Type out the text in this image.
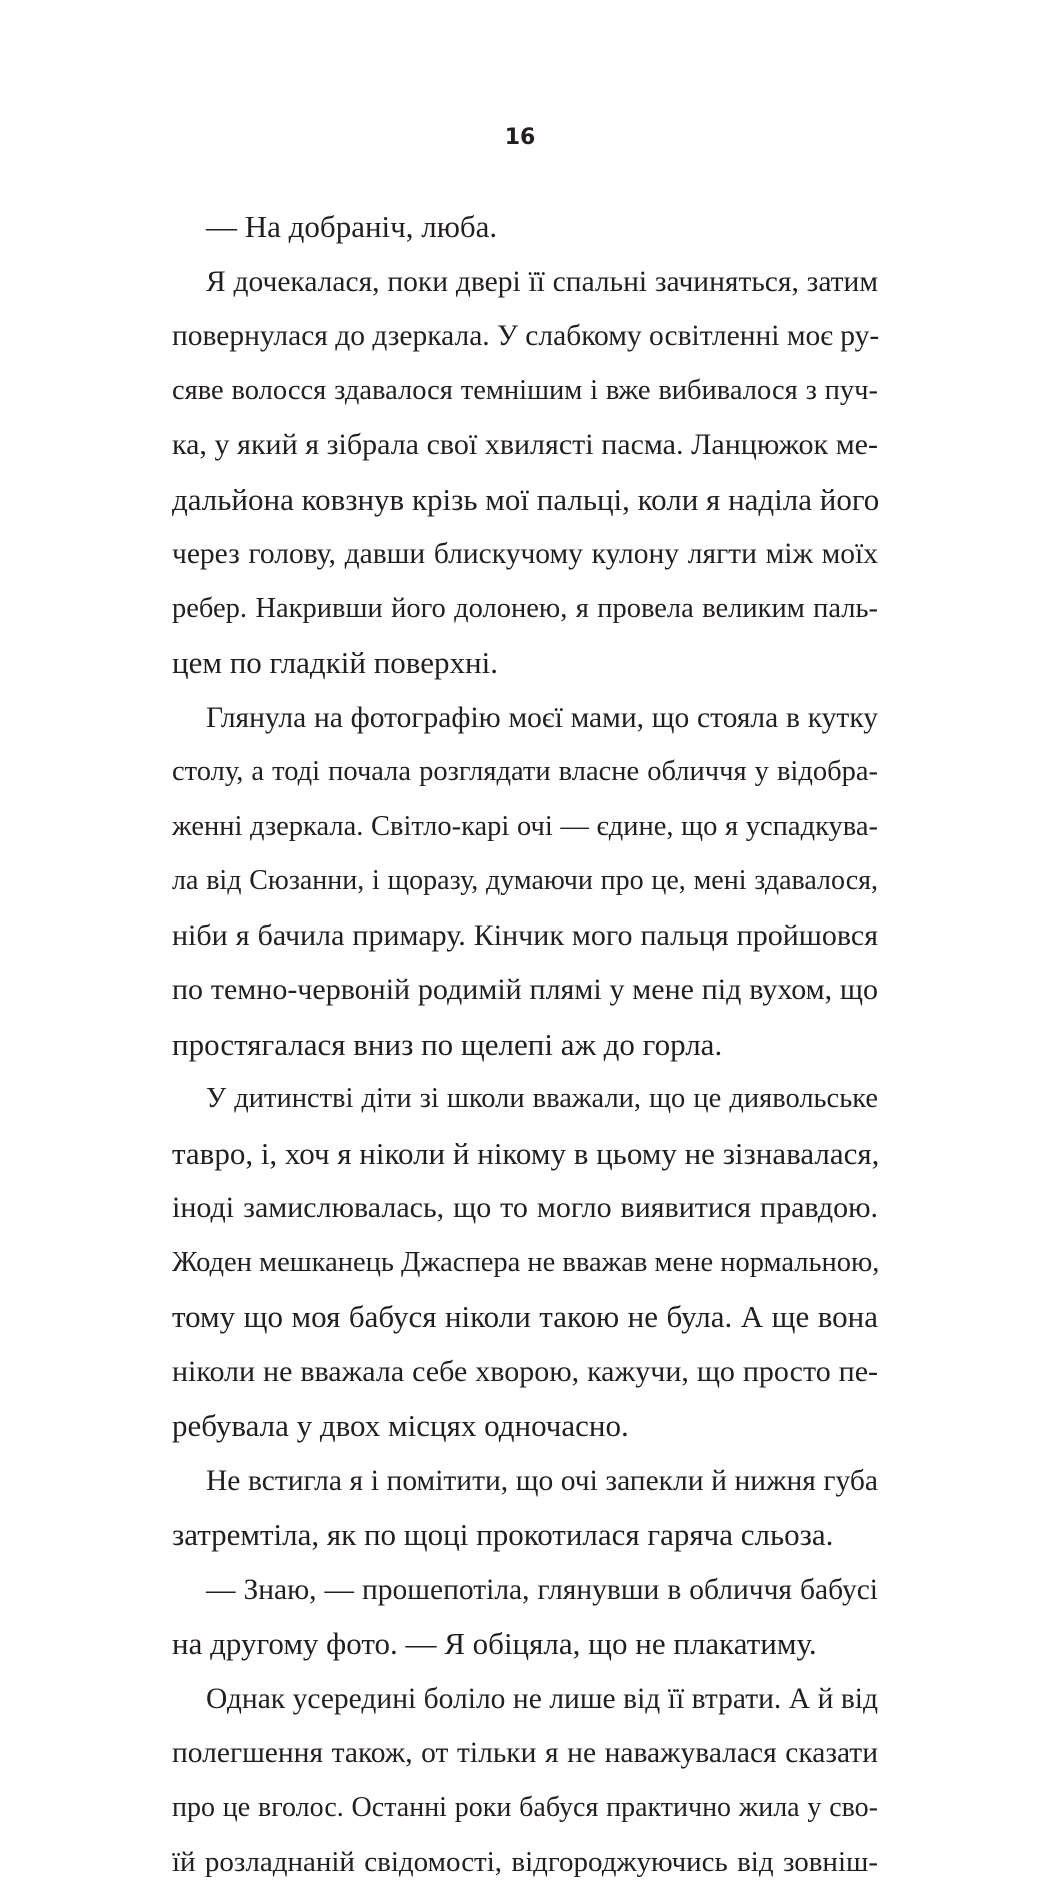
16
— На добраніч, люба.
Я дочекалася, поки двері її спальні зачиняться, затим
повернулася до дзеркала. У слабкому освітленні моє ру-
сяве волосся здавалося темнішим і вже вибивалося з пуч-
ка, у який я зібрала свої хвилясті пасма. Ланцюжок ме-
дальйона ковзнув крізь мої пальці, коли я наділа його
через голову, давши блискучому кулону лягти між моїх
ребер. Накривши його долонею, я провела великим паль-
цем по гладкій поверхні.
Глянула на фотографію моєї мами, що стояла в кутку
столу, а тоді почала розглядати власне обличчя у відобра-
женні дзеркала. Світло-карі очі — єдине, що я успадкува-
ла від Сюзанни, і щоразу, думаючи про це, мені здавалося,
ніби я бачила примару. Кінчик мого пальця пройшовся
по темно-червоній родимій плямі у мене під вухом, що
простягалася вниз по щелепі аж до горла.
У дитинстві діти зі школи вважали, що це диявольське
тавро, і, хоч я ніколи й нікому в цьому не зізнавалася,
іноді замислювалась, що то могло виявитися правдою.
Жоден мешканець Джаспера не вважав мене нормальною,
тому що моя бабуся ніколи такою не була. А ще вона
ніколи не вважала себе хворою, кажучи, що просто пе-
ребувала у двох місцях одночасно.
Не встигла я і помітити, що очі запекли й нижня губа
затремтіла, як по щоці прокотилася гаряча сльоза.
— Знаю, — прошепотіла, глянувши в обличчя бабусі
на другому фото. — Я обіцяла, що не плакатиму.
Однак усередині боліло не лише від її втрати. А й від
полегшення також, от тільки я не наважувалася сказати
про це вголос. Останні роки бабуся практично жила у сво-
їй розладнаній свідомості, відгороджуючись від зовніш-
